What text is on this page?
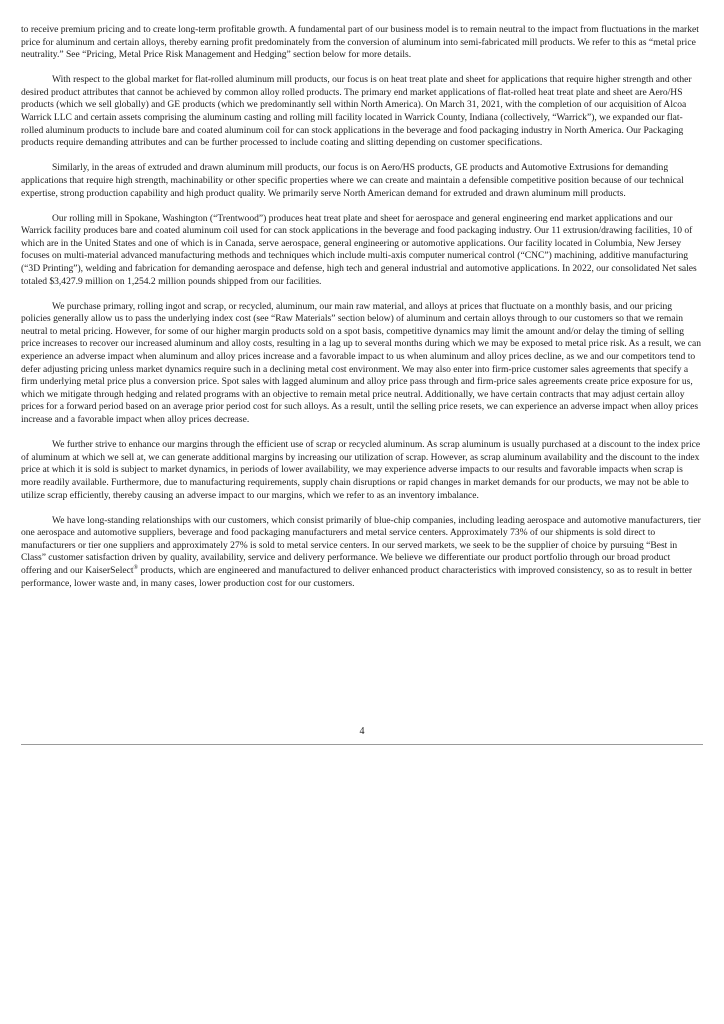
to receive premium pricing and to create long-term profitable growth. A fundamental part of our business model is to remain neutral to the impact from fluctuations in the market price for aluminum and certain alloys, thereby earning profit predominately from the conversion of aluminum into semi-fabricated mill products. We refer to this as “metal price neutrality.” See “Pricing, Metal Price Risk Management and Hedging” section below for more details.

With respect to the global market for flat-rolled aluminum mill products, our focus is on heat treat plate and sheet for applications that require higher strength and other desired product attributes that cannot be achieved by common alloy rolled products. The primary end market applications of flat-rolled heat treat plate and sheet are Aero/HS products (which we sell globally) and GE products (which we predominantly sell within North America). On March 31, 2021, with the completion of our acquisition of Alcoa Warrick LLC and certain assets comprising the aluminum casting and rolling mill facility located in Warrick County, Indiana (collectively, “Warrick”), we expanded our flat-rolled aluminum products to include bare and coated aluminum coil for can stock applications in the beverage and food packaging industry in North America. Our Packaging products require demanding attributes and can be further processed to include coating and slitting depending on customer specifications.

Similarly, in the areas of extruded and drawn aluminum mill products, our focus is on Aero/HS products, GE products and Automotive Extrusions for demanding applications that require high strength, machinability or other specific properties where we can create and maintain a defensible competitive position because of our technical expertise, strong production capability and high product quality. We primarily serve North American demand for extruded and drawn aluminum mill products.

Our rolling mill in Spokane, Washington (“Trentwood”) produces heat treat plate and sheet for aerospace and general engineering end market applications and our Warrick facility produces bare and coated aluminum coil used for can stock applications in the beverage and food packaging industry. Our 11 extrusion/drawing facilities, 10 of which are in the United States and one of which is in Canada, serve aerospace, general engineering or automotive applications. Our facility located in Columbia, New Jersey focuses on multi-material advanced manufacturing methods and techniques which include multi-axis computer numerical control (“CNC”) machining, additive manufacturing (“3D Printing”), welding and fabrication for demanding aerospace and defense, high tech and general industrial and automotive applications. In 2022, our consolidated Net sales totaled $3,427.9 million on 1,254.2 million pounds shipped from our facilities.

We purchase primary, rolling ingot and scrap, or recycled, aluminum, our main raw material, and alloys at prices that fluctuate on a monthly basis, and our pricing policies generally allow us to pass the underlying index cost (see “Raw Materials” section below) of aluminum and certain alloys through to our customers so that we remain neutral to metal pricing. However, for some of our higher margin products sold on a spot basis, competitive dynamics may limit the amount and/or delay the timing of selling price increases to recover our increased aluminum and alloy costs, resulting in a lag up to several months during which we may be exposed to metal price risk. As a result, we can experience an adverse impact when aluminum and alloy prices increase and a favorable impact to us when aluminum and alloy prices decline, as we and our competitors tend to defer adjusting pricing unless market dynamics require such in a declining metal cost environment. We may also enter into firm-price customer sales agreements that specify a firm underlying metal price plus a conversion price. Spot sales with lagged aluminum and alloy price pass through and firm-price sales agreements create price exposure for us, which we mitigate through hedging and related programs with an objective to remain metal price neutral. Additionally, we have certain contracts that may adjust certain alloy prices for a forward period based on an average prior period cost for such alloys. As a result, until the selling price resets, we can experience an adverse impact when alloy prices increase and a favorable impact when alloy prices decrease.

We further strive to enhance our margins through the efficient use of scrap or recycled aluminum. As scrap aluminum is usually purchased at a discount to the index price of aluminum at which we sell at, we can generate additional margins by increasing our utilization of scrap. However, as scrap aluminum availability and the discount to the index price at which it is sold is subject to market dynamics, in periods of lower availability, we may experience adverse impacts to our results and favorable impacts when scrap is more readily available. Furthermore, due to manufacturing requirements, supply chain disruptions or rapid changes in market demands for our products, we may not be able to utilize scrap efficiently, thereby causing an adverse impact to our margins, which we refer to as an inventory imbalance.

We have long-standing relationships with our customers, which consist primarily of blue-chip companies, including leading aerospace and automotive manufacturers, tier one aerospace and automotive suppliers, beverage and food packaging manufacturers and metal service centers. Approximately 73% of our shipments is sold direct to manufacturers or tier one suppliers and approximately 27% is sold to metal service centers. In our served markets, we seek to be the supplier of choice by pursuing “Best in Class” customer satisfaction driven by quality, availability, service and delivery performance. We believe we differentiate our product portfolio through our broad product offering and our KaiserSelect® products, which are engineered and manufactured to deliver enhanced product characteristics with improved consistency, so as to result in better performance, lower waste and, in many cases, lower production cost for our customers.

4
